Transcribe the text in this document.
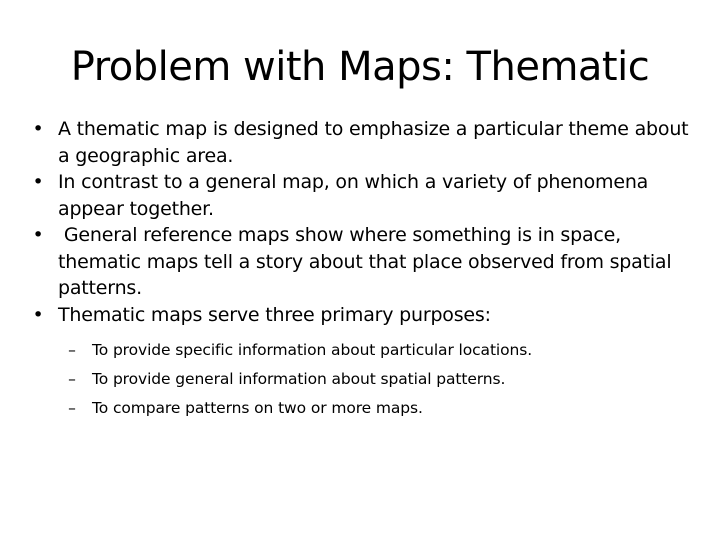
Problem with Maps: Thematic
• A thematic map is designed to emphasize a particular theme about a geographic area.
• In contrast to a general map, on which a variety of phenomena appear together.
• General reference maps show where something is in space, thematic maps tell a story about that place observed from spatial patterns.
• Thematic maps serve three primary purposes:
–	To provide specific information about particular locations.
–	To provide general information about spatial patterns.
–	To compare patterns on two or more maps.
